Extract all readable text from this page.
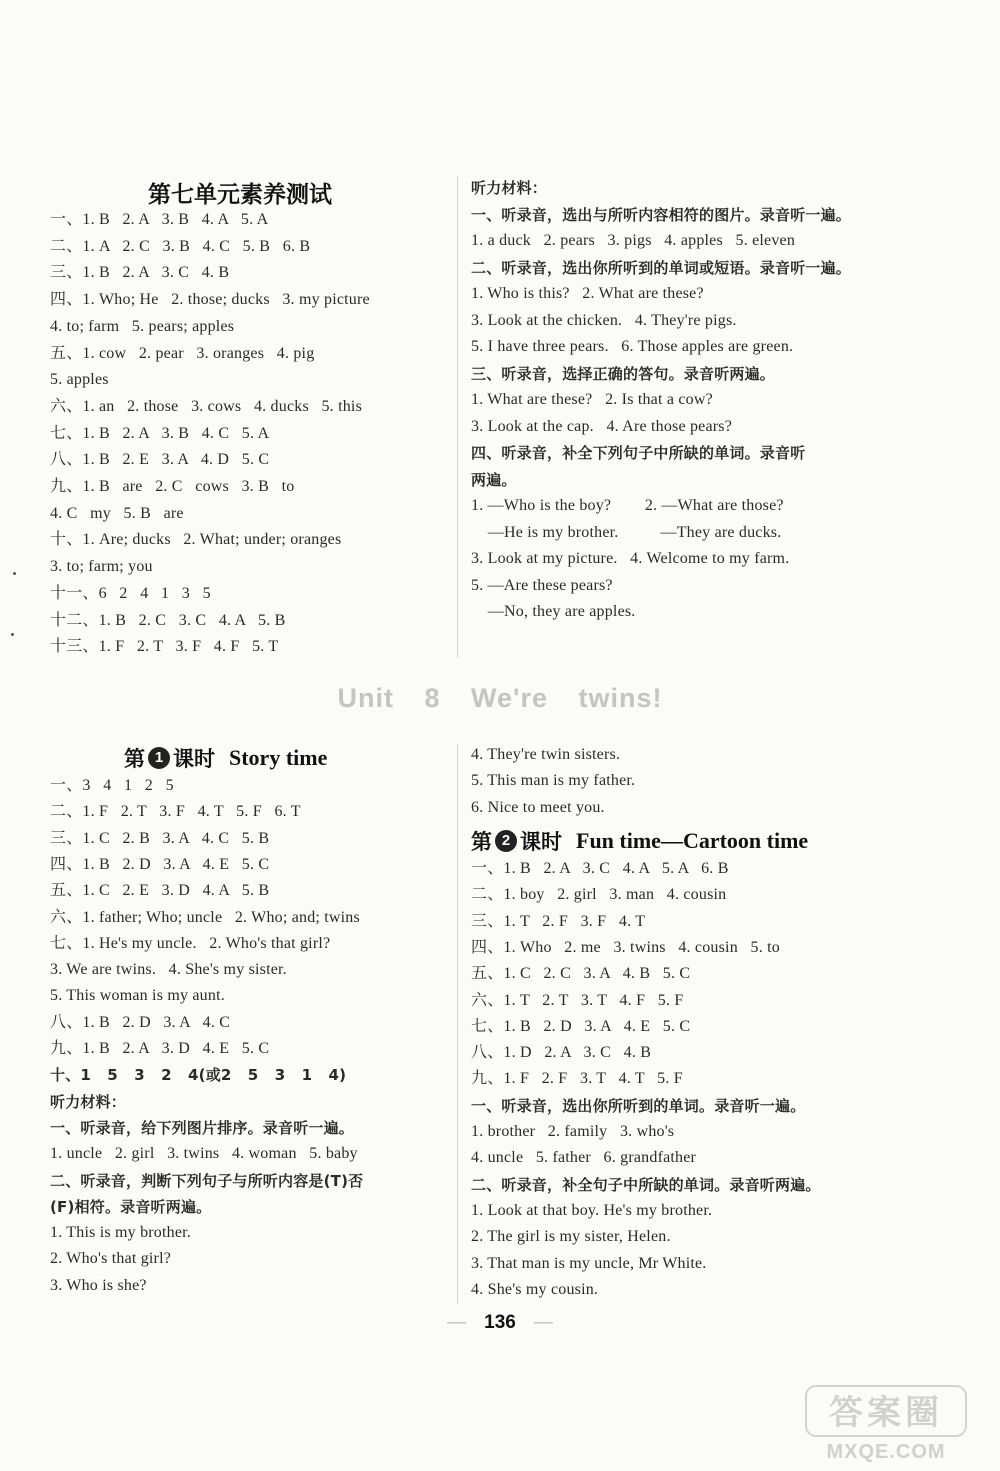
第七单元素养测试
一、1. B   2. A   3. B   4. A   5. A
二、1. A   2. C   3. B   4. C   5. B   6. B
三、1. B   2. A   3. C   4. B
四、1. Who; He   2. those; ducks   3. my picture
4. to; farm   5. pears; apples
五、1. cow   2. pear   3. oranges   4. pig
5. apples
六、1. an   2. those   3. cows   4. ducks   5. this
七、1. B   2. A   3. B   4. C   5. A
八、1. B   2. E   3. A   4. D   5. C
九、1. B   are   2. C   cows   3. B   to
4. C   my   5. B   are
十、1. Are; ducks   2. What; under; oranges
3. to; farm; you
十一、6   2   4   1   3   5
十二、1. B   2. C   3. C   4. A   5. B
十三、1. F   2. T   3. F   4. F   5. T
听力材料：
一、听录音，选出与所听内容相符的图片。录音听一遍。
1. a duck   2. pears   3. pigs   4. apples   5. eleven
二、听录音，选出你所听到的单词或短语。录音听一遍。
1. Who is this?   2. What are these?
3. Look at the chicken.   4. They're pigs.
5. I have three pears.   6. Those apples are green.
三、听录音，选择正确的答句。录音听两遍。
1. What are these?   2. Is that a cow?
3. Look at the cap.   4. Are those pears?
四、听录音，补全下列句子中所缺的单词。录音听
两遍。
1. —Who is the boy?        2. —What are those?
—He is my brother.          —They are ducks.
3. Look at my picture.   4. Welcome to my farm.
5. —Are these pears?
—No, they are apples.
Unit 8 We're twins!
第 1 课时 Story time
一、3   4   1   2   5
二、1. F   2. T   3. F   4. T   5. F   6. T
三、1. C   2. B   3. A   4. C   5. B
四、1. B   2. D   3. A   4. E   5. C
五、1. C   2. E   3. D   4. A   5. B
六、1. father; Who; uncle   2. Who; and; twins
七、1. He's my uncle.   2. Who's that girl?
3. We are twins.   4. She's my sister.
5. This woman is my aunt.
八、1. B   2. D   3. A   4. C
九、1. B   2. A   3. D   4. E   5. C
十、1   5   3   2   4(或2   5   3   1   4)
听力材料：
一、听录音，给下列图片排序。录音听一遍。
1. uncle   2. girl   3. twins   4. woman   5. baby
二、听录音，判断下列句子与所听内容是(T)否
(F)相符。录音听两遍。
1. This is my brother.
2. Who's that girl?
3. Who is she?
4. They're twin sisters.
5. This man is my father.
6. Nice to meet you.
第 2 课时 Fun time—Cartoon time
一、1. B   2. A   3. C   4. A   5. A   6. B
二、1. boy   2. girl   3. man   4. cousin
三、1. T   2. F   3. F   4. T
四、1. Who   2. me   3. twins   4. cousin   5. to
五、1. C   2. C   3. A   4. B   5. C
六、1. T   2. T   3. T   4. F   5. F
七、1. B   2. D   3. A   4. E   5. C
八、1. D   2. A   3. C   4. B
九、1. F   2. F   3. T   4. T   5. F
一、听录音，选出你所听到的单词。录音听一遍。
1. brother   2. family   3. who's
4. uncle   5. father   6. grandfather
二、听录音，补全句子中所缺的单词。录音听两遍。
1. Look at that boy. He's my brother.
2. The girl is my sister, Helen.
3. That man is my uncle, Mr White.
4. She's my cousin.
— 136 —
答案圈
MXQE.COM
